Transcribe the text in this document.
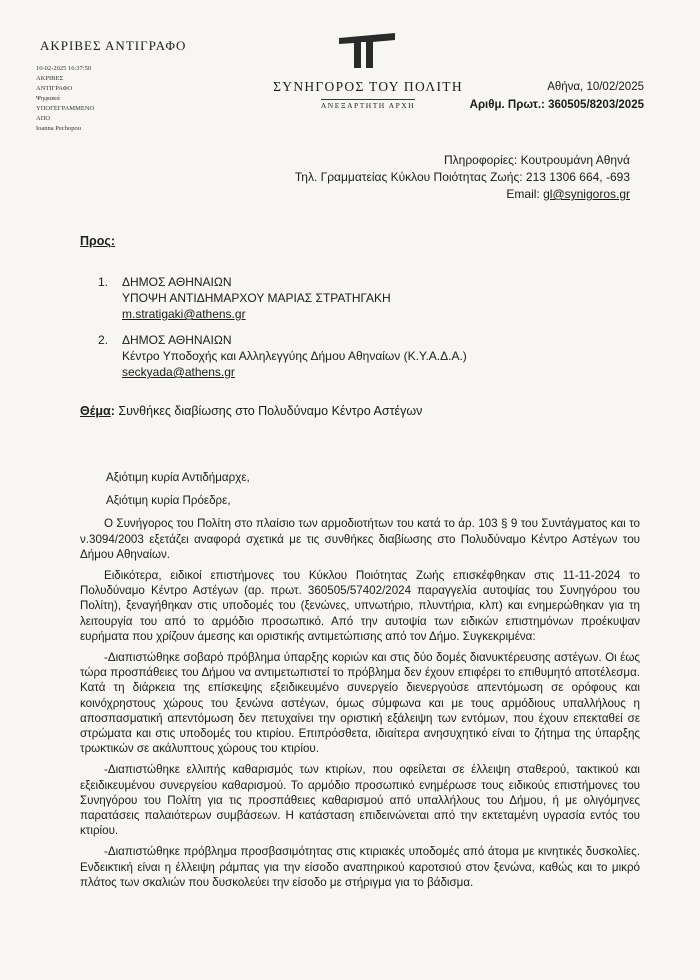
ΑΚΡΙΒΕΣ ΑΝΤΙΓΡΑΦΟ
10-02-2025 16:37:50
ΑΚΡΙΒΕΣ
ΑΝΤΙΓΡΑΦΟ
Ψηφιακά
ΥΠΟΓΕΓΡΑΜΜΕΝΟ
ΑΠΟ
Ioanna Pechopou
ΣΥΝΗΓΟΡΟΣ ΤΟΥ ΠΟΛΙΤΗ
ΑΝΕΞΑΡΤΗΤΗ ΑΡΧΗ
Αθήνα, 10/02/2025
Αριθμ. Πρωτ.: 360505/8203/2025
Πληροφορίες: Κουτρουμάνη Αθηνά
Τηλ. Γραμματείας Κύκλου Ποιότητας Ζωής: 213 1306 664, -693
Email: gl@synigoros.gr
Προς:
1.	ΔΗΜΟΣ ΑΘΗΝΑΙΩΝ
ΥΠΟΨΗ ΑΝΤΙΔΗΜΑΡΧΟΥ ΜΑΡΙΑΣ ΣΤΡΑΤΗΓΑΚΗ
m.stratigaki@athens.gr
2.	ΔΗΜΟΣ ΑΘΗΝΑΙΩΝ
Κέντρο Υποδοχής και Αλληλεγγύης Δήμου Αθηναίων (Κ.Υ.Α.Δ.Α.)
seckyada@athens.gr
Θέμα: Συνθήκες διαβίωσης στο Πολυδύναμο Κέντρο Αστέγων

Αξιότιμη κυρία Αντιδήμαρχε,

Αξιότιμη κυρία Πρόεδρε,

Ο Συνήγορος του Πολίτη στο πλαίσιο των αρμοδιοτήτων του κατά το άρ. 103 § 9 του Συντάγματος και το ν.3094/2003 εξετάζει αναφορά σχετικά με τις συνθήκες διαβίωσης στο Πολυδύναμο Κέντρο Αστέγων του Δήμου Αθηναίων.

Ειδικότερα, ειδικοί επιστήμονες του Κύκλου Ποιότητας Ζωής επισκέφθηκαν στις 11-11-2024 το Πολυδύναμο Κέντρο Αστέγων (αρ. πρωτ. 360505/57402/2024 παραγγελία αυτοψίας του Συνηγόρου του Πολίτη), ξεναγήθηκαν στις υποδομές του (ξενώνες, υπνωτήριο, πλυντήρια, κλπ) και ενημερώθηκαν για τη λειτουργία του από το αρμόδιο προσωπικό. Από την αυτοψία των ειδικών επιστημόνων προέκυψαν ευρήματα που χρίζουν άμεσης και οριστικής αντιμετώπισης από τον Δήμο. Συγκεκριμένα:

-Διαπιστώθηκε σοβαρό πρόβλημα ύπαρξης κοριών και στις δύο δομές διανυκτέρευσης αστέγων. Οι έως τώρα προσπάθειες του Δήμου να αντιμετωπιστεί το πρόβλημα δεν έχουν επιφέρει το επιθυμητό αποτέλεσμα. Κατά τη διάρκεια της επίσκεψης εξειδικευμένο συνεργείο διενεργούσε απεντόμωση σε ορόφους και κοινόχρηστους χώρους του ξενώνα αστέγων, όμως σύμφωνα και με τους αρμόδιους υπαλλήλους η αποσπασματική απεντόμωση δεν πετυχαίνει την οριστική εξάλειψη των εντόμων, που έχουν επεκταθεί σε στρώματα και στις υποδομές του κτιρίου. Επιπρόσθετα, ιδιαίτερα ανησυχητικό είναι το ζήτημα της ύπαρξης τρωκτικών σε ακάλυπτους χώρους του κτιρίου.

-Διαπιστώθηκε ελλιπής καθαρισμός των κτιρίων, που οφείλεται σε έλλειψη σταθερού, τακτικού και εξειδικευμένου συνεργείου καθαρισμού. Το αρμόδιο προσωπικό ενημέρωσε τους ειδικούς επιστήμονες του Συνηγόρου του Πολίτη για τις προσπάθειες καθαρισμού από υπαλλήλους του Δήμου, ή με ολιγόμηνες παρατάσεις παλαιότερων συμβάσεων. Η κατάσταση επιδεινώνεται από την εκτεταμένη υγρασία εντός του κτιρίου.

-Διαπιστώθηκε πρόβλημα προσβασιμότητας στις κτιριακές υποδομές από άτομα με κινητικές δυσκολίες. Ενδεικτική είναι η έλλειψη ράμπας για την είσοδο αναπηρικού καροτσιού στον ξενώνα, καθώς και το μικρό πλάτος των σκαλιών που δυσκολεύει την είσοδο με στήριγμα για το βάδισμα.
